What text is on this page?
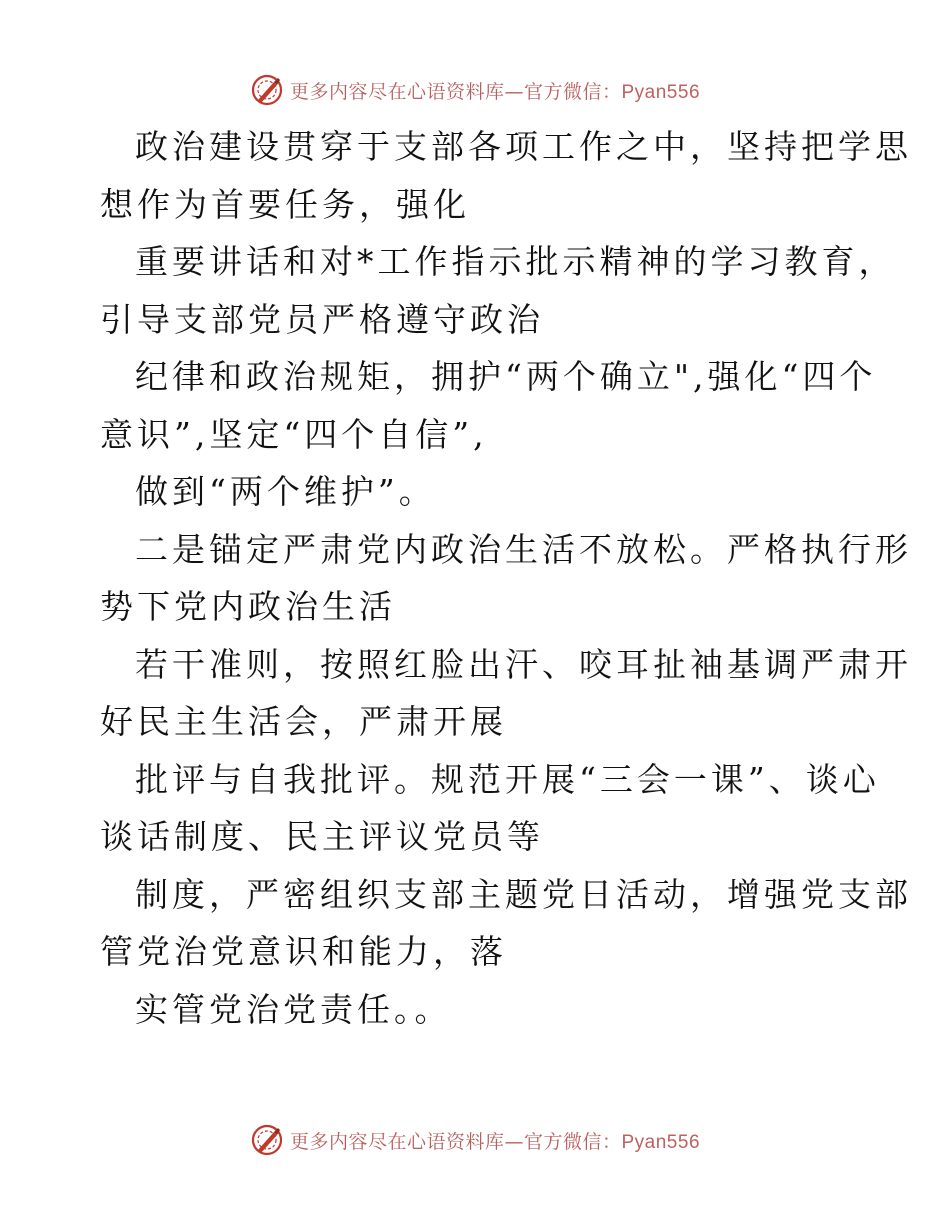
更多内容尽在心语资料库—官方微信：Pyan556
政治建设贯穿于支部各项工作之中，坚持把学思
想作为首要任务，强化
重要讲话和对*工作指示批示精神的学习教育，
引导支部党员严格遵守政治
纪律和政治规矩，拥护“两个确立",强化“四个
意识”,坚定“四个自信”,
做到“两个维护”。
二是锚定严肃党内政治生活不放松。严格执行形
势下党内政治生活
若干准则，按照红脸出汗、咬耳扯袖基调严肃开
好民主生活会，严肃开展
批评与自我批评。规范开展“三会一课”、谈心
谈话制度、民主评议党员等
制度，严密组织支部主题党日活动，增强党支部
管党治党意识和能力，落
实管党治党责任。。
更多内容尽在心语资料库—官方微信：Pyan556
